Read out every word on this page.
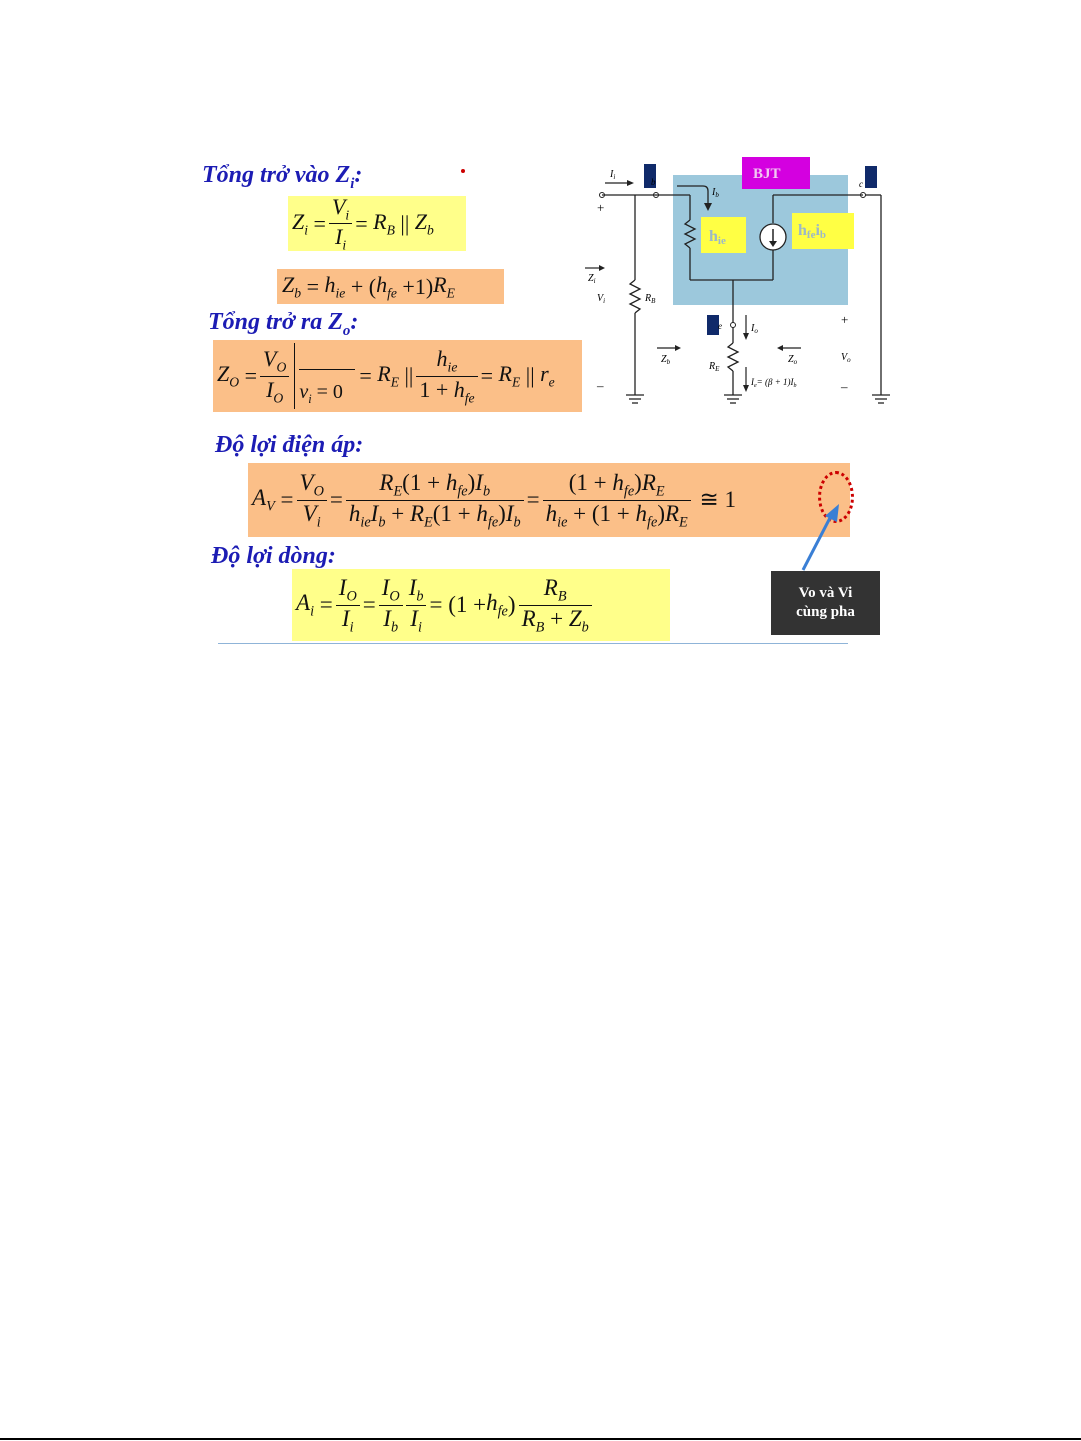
Tổng trở vào $Z_i$:
$Z_i = \frac{V_i}{I_i} = R_B$ || $Z_b$
$Z_b = h_{ie}$ + ( $h_{fe} +1$) $R_E$
Tổng trở ra $Z_o$:
$Z_O = \frac{V_O}{I_O} v_i = 0$
= $R_E$ || $\frac{h_{ie}}{1 + h_{fe}} = R_E$ || $r_e$
BJT
hie
hfeib
$I_b$
$I_i$
+
–
$Z_i$
$V_i$	$R_B$
$R_E$
e	$I_o$
$I_e= (\beta + 1)I_b$
$Z_b$	$Z_o$
+
–
$V_o$
c
b
Độ lợi điện áp:
$A_V = \frac{V_O}{V_i} = \frac{R_E(1 + h_{fe})I_b}{h_{ie}I_b + R_E(1 + h_{fe})I_b} = \frac{(1 + h_{fe})R_E}{h_{ie} + (1 + h_{fe})R_E}$ ≅ 1
Độ lợi dòng:
$A_i = \frac{I_O}{I_i} = \frac{I_O}{I_b} \frac{I_b}{I_i} = (1 + h_{fe}$ ) $\frac{R_B}{R_B + Z_b}$	Vo và Vi
cùng pha
